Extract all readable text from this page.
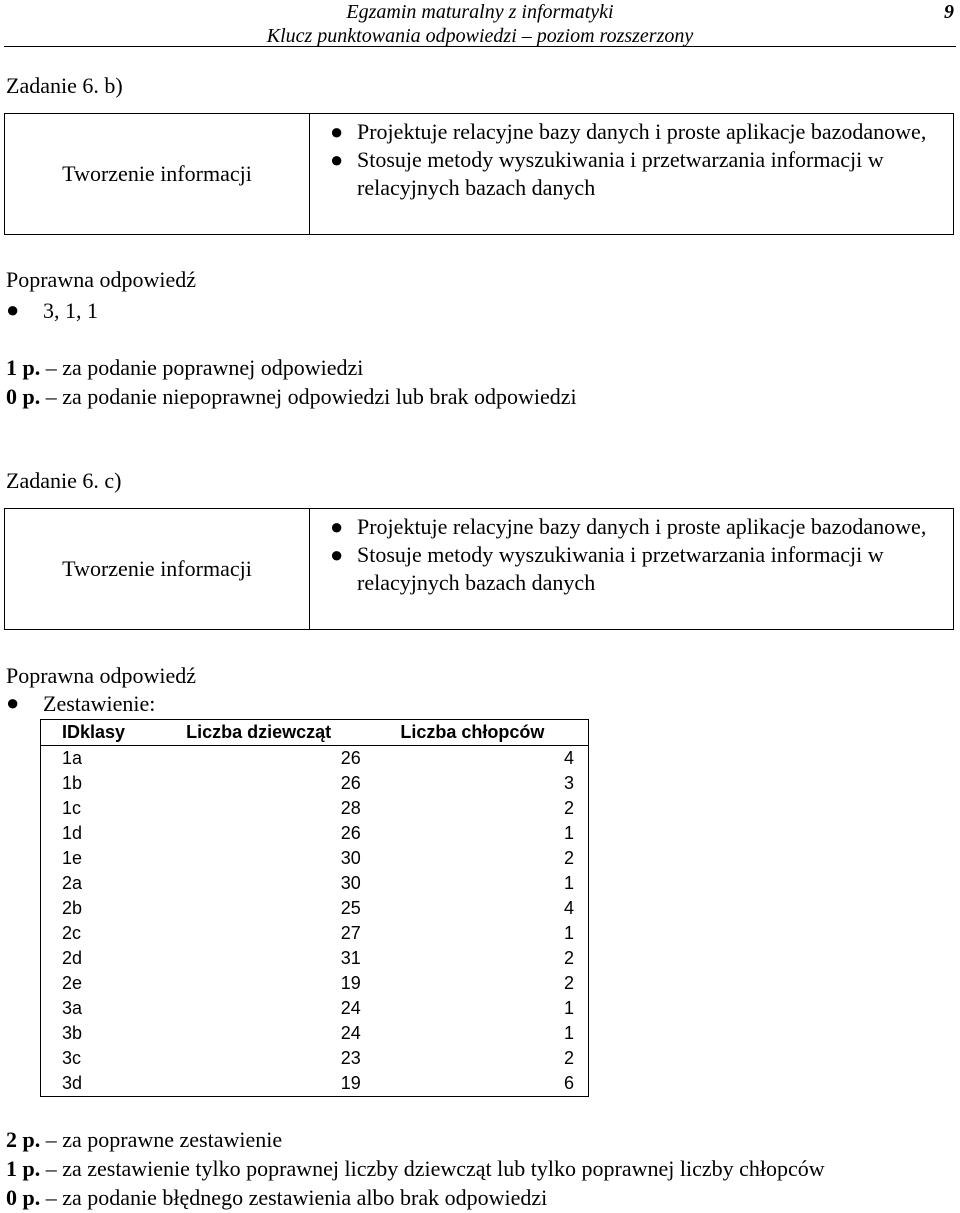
Egzamin maturalny z informatyki
Klucz punktowania odpowiedzi – poziom rozszerzony
9
Zadanie 6. b)
Tworzenie informacji
● Projektuje relacyjne bazy danych i proste aplikacje bazodanowe,
● Stosuje metody wyszukiwania i przetwarzania informacji w relacyjnych bazach danych
Poprawna odpowiedź
● 3, 1, 1
1 p. – za podanie poprawnej odpowiedzi
0 p. – za podanie niepoprawnej odpowiedzi lub brak odpowiedzi
Zadanie 6. c)
Tworzenie informacji
● Projektuje relacyjne bazy danych i proste aplikacje bazodanowe,
● Stosuje metody wyszukiwania i przetwarzania informacji w relacyjnych bazach danych
Poprawna odpowiedź
● Zestawienie:
IDklasy	Liczba dziewcząt	Liczba chłopców
1a	26	4
1b	26	3
1c	28	2
1d	26	1
1e	30	2
2a	30	1
2b	25	4
2c	27	1
2d	31	2
2e	19	2
3a	24	1
3b	24	1
3c	23	2
3d	19	6
2 p. – za poprawne zestawienie
1 p. – za zestawienie tylko poprawnej liczby dziewcząt lub tylko poprawnej liczby chłopców
0 p. – za podanie błędnego zestawienia albo brak odpowiedzi
